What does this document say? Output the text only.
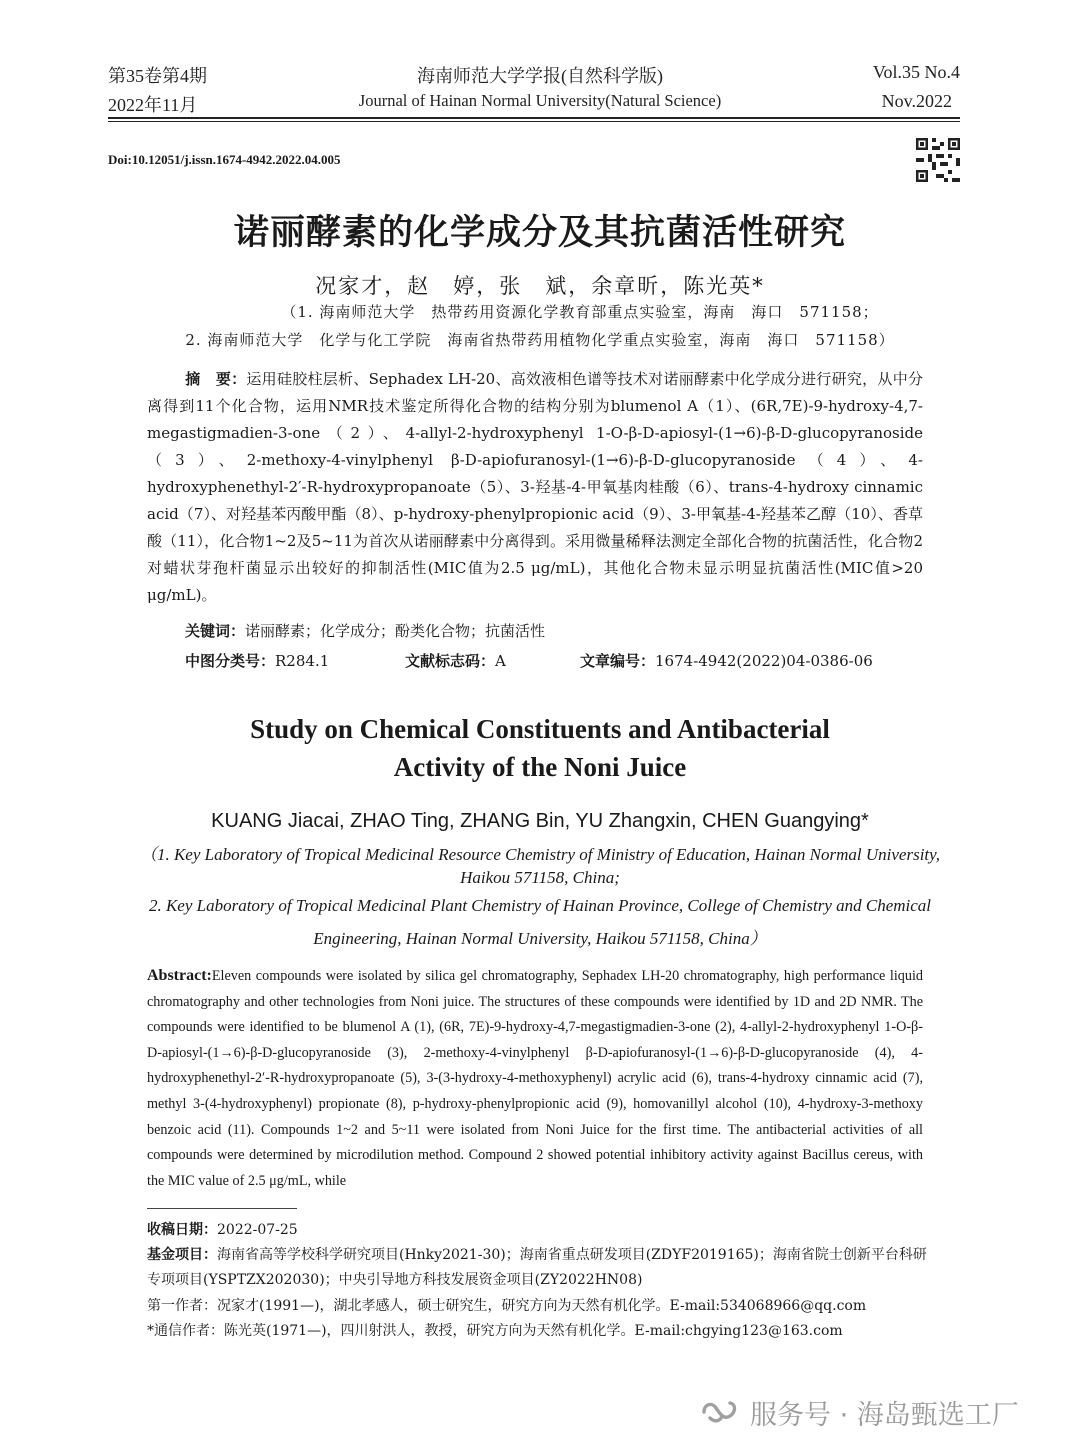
第35卷第4期
2022年11月
海南师范大学学报(自然科学版)
Journal of Hainan Normal University(Natural Science)
Vol.35 No.4
Nov.2022
Doi:10.12051/j.issn.1674-4942.2022.04.005
诺丽酵素的化学成分及其抗菌活性研究
况家才，赵　婷，张　斌，余章昕，陈光英*
（1. 海南师范大学　热带药用资源化学教育部重点实验室，海南　海口　571158；
2. 海南师范大学　化学与化工学院　海南省热带药用植物化学重点实验室，海南　海口　571158）
摘　要：运用硅胶柱层析、Sephadex LH-20、高效液相色谱等技术对诺丽酵素中化学成分进行研究，从中分离得到11个化合物，运用NMR技术鉴定所得化合物的结构分别为blumenol A（1）、(6R,7E)-9-hydroxy-4,7-megastigmadien-3-one（2）、4-allyl-2-hydroxyphenyl 1-O-β-D-apiosyl-(1→6)-β-D-glucopyranoside（3）、2-methoxy-4-vinylphenyl β-D-apiofuranosyl-(1→6)-β-D-glucopyranoside（4）、4-hydroxyphenethyl-2′-R-hydroxypropanoate（5）、3-羟基-4-甲氧基肉桂酸（6）、trans-4-hydroxy cinnamic acid（7）、对羟基苯丙酸甲酯（8）、p-hydroxy-phenylpropionic acid（9）、3-甲氧基-4-羟基苯乙醇（10）、香草酸（11），化合物1~2及5~11为首次从诺丽酵素中分离得到。采用微量稀释法测定全部化合物的抗菌活性，化合物2对蜡状芽孢杆菌显示出较好的抑制活性(MIC值为2.5 μg/mL)，其他化合物未显示明显抗菌活性(MIC值>20 μg/mL)。
关键词：诺丽酵素；化学成分；酚类化合物；抗菌活性
中图分类号：R284.1	文献标志码：A	文章编号：1674-4942(2022)04-0386-06
Study on Chemical Constituents and Antibacterial
Activity of the Noni Juice
KUANG Jiacai, ZHAO Ting, ZHANG Bin, YU Zhangxin, CHEN Guangying*
（1. Key Laboratory of Tropical Medicinal Resource Chemistry of Ministry of Education, Hainan Normal University,
Haikou 571158, China;
2. Key Laboratory of Tropical Medicinal Plant Chemistry of Hainan Province, College of Chemistry and Chemical
Engineering, Hainan Normal University, Haikou 571158, China）
Abstract:Eleven compounds were isolated by silica gel chromatography, Sephadex LH-20 chromatography, high performance liquid chromatography and other technologies from Noni juice. The structures of these compounds were identified by 1D and 2D NMR. The compounds were identified to be blumenol A (1), (6R, 7E)-9-hydroxy-4,7-megastigmadien-3-one (2), 4-allyl-2-hydroxyphenyl 1-O-β-D-apiosyl-(1→6)-β-D-glucopyranoside (3), 2-methoxy-4-vinylphenyl β-D-apiofuranosyl-(1→6)-β-D-glucopyranoside (4), 4-hydroxyphenethyl-2′-R-hydroxypropanoate (5), 3-(3-hydroxy-4-methoxyphenyl) acrylic acid (6), trans-4-hydroxy cinnamic acid (7), methyl 3-(4-hydroxyphenyl) propionate (8), p-hydroxy-phenylpropionic acid (9), homovanillyl alcohol (10), 4-hydroxy-3-methoxy benzoic acid (11). Compounds 1~2 and 5~11 were isolated from Noni Juice for the first time. The antibacterial activities of all compounds were determined by microdilution method. Compound 2 showed potential inhibitory activity against Bacillus cereus, with the MIC value of 2.5 μg/mL, while
收稿日期：2022-07-25
基金项目：海南省高等学校科学研究项目(Hnky2021-30)；海南省重点研发项目(ZDYF2019165)；海南省院士创新平台科研专项项目(YSPTZX202030)；中央引导地方科技发展资金项目(ZY2022HN08)
第一作者：况家才(1991—)，湖北孝感人，硕士研究生，研究方向为天然有机化学。E-mail:534068966@qq.com
*通信作者：陈光英(1971—)，四川射洪人，教授，研究方向为天然有机化学。E-mail:chgying123@163.com
服务号 · 海岛甄选工厂
